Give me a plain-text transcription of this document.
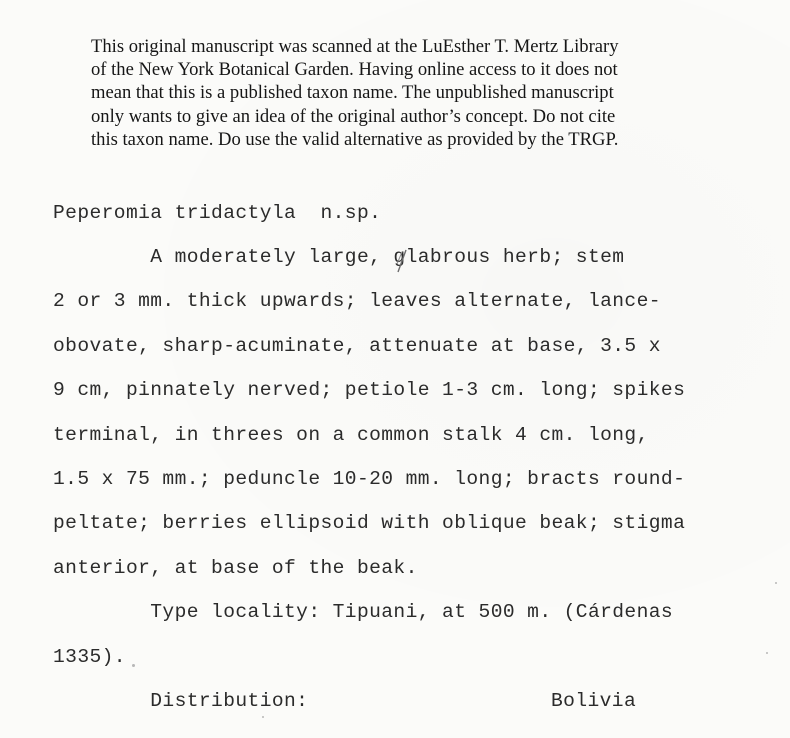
This original manuscript was scanned at the LuEsther T. Mertz Library
of the New York Botanical Garden. Having online access to it does not
mean that this is a published taxon name. The unpublished manuscript
only wants to give an idea of the original author’s concept. Do not cite
this taxon name. Do use the valid alternative as provided by the TRGP.
Peperomia tridactyla  n.sp.
A moderately large, glabrous herb; stem
2 or 3 mm. thick upwards; leaves alternate, lance-
obovate, sharp-acuminate, attenuate at base, 3.5 x
9 cm, pinnately nerved; petiole 1-3 cm. long; spikes
terminal, in threes on a common stalk 4 cm. long,
1.5 x 75 mm.; peduncle 10-20 mm. long; bracts round-
peltate; berries ellipsoid with oblique beak; stigma
anterior, at base of the beak.
Type locality: Tipuani, at 500 m. (Cárdenas
1335).
Distribution:	Bolivia
